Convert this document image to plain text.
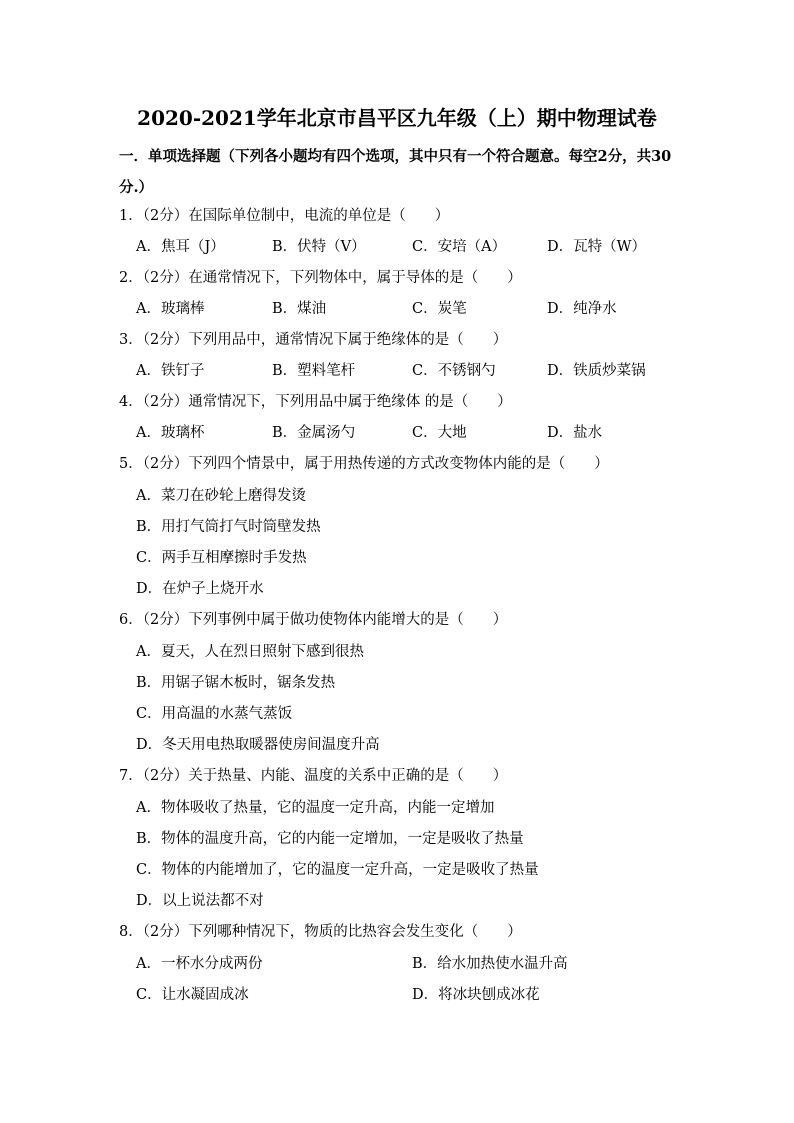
2020-2021学年北京市昌平区九年级（上）期中物理试卷
一．单项选择题（下列各小题均有四个选项，其中只有一个符合题意。每空2分，共30分.）
1．（2分）在国际单位制中，电流的单位是（　　）
A．焦耳（J）	B．伏特（V）	C．安培（A）	D．瓦特（W）
2．（2分）在通常情况下，下列物体中，属于导体的是（　　）
A．玻璃棒	B．煤油	C．炭笔	D．纯净水
3．（2分）下列用品中，通常情况下属于绝缘体的是（　　）
A．铁钉子	B．塑料笔杆	C．不锈钢勺	D．铁质炒菜锅
4．（2分）通常情况下，下列用品中属于绝缘体 的是（　　）
A．玻璃杯	B．金属汤勺	C．大地	D．盐水
5．（2分）下列四个情景中，属于用热传递的方式改变物体内能的是（　　）
A．菜刀在砂轮上磨得发烫
B．用打气筒打气时筒壁发热
C．两手互相摩擦时手发热
D．在炉子上烧开水
6．（2分）下列事例中属于做功使物体内能增大的是（　　）
A．夏天，人在烈日照射下感到很热
B．用锯子锯木板时，锯条发热
C．用高温的水蒸气蒸饭
D．冬天用电热取暖器使房间温度升高
7．（2分）关于热量、内能、温度的关系中正确的是（　　）
A．物体吸收了热量，它的温度一定升高，内能一定增加
B．物体的温度升高，它的内能一定增加，一定是吸收了热量
C．物体的内能增加了，它的温度一定升高，一定是吸收了热量
D．以上说法都不对
8．（2分）下列哪种情况下，物质的比热容会发生变化（　　）
A．一杯水分成两份	B．给水加热使水温升高
C．让水凝固成冰	D．将冰块刨成冰花
